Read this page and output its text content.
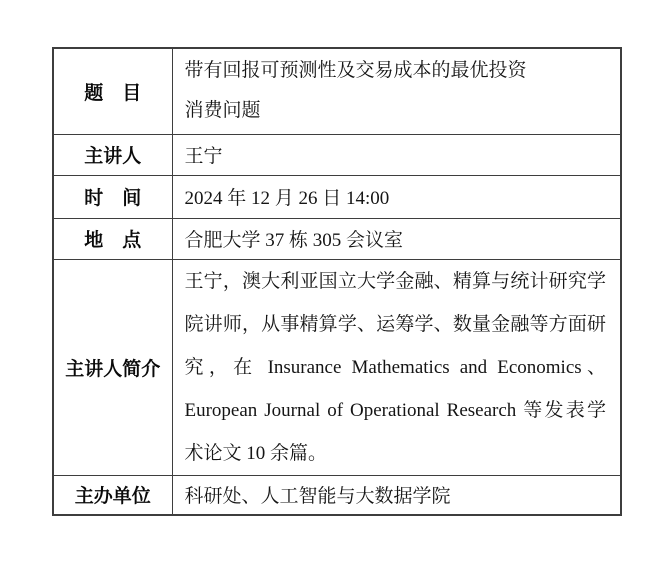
题　目	带有回报可预测性及交易成本的最优投资
消费问题

主讲人	王宁

时　间	2024 年 12 月 26 日 14:00

地　点	合肥大学 37 栋 305 会议室

主讲人简介	王宁，澳大利亚国立大学金融、精算与统计研究学
院讲师，从事精算学、运筹学、数量金融等方面研
究，在 Insurance Mathematics and Economics、
European Journal of Operational Research 等发表学
术论文 10 余篇。

主办单位	科研处、人工智能与大数据学院
